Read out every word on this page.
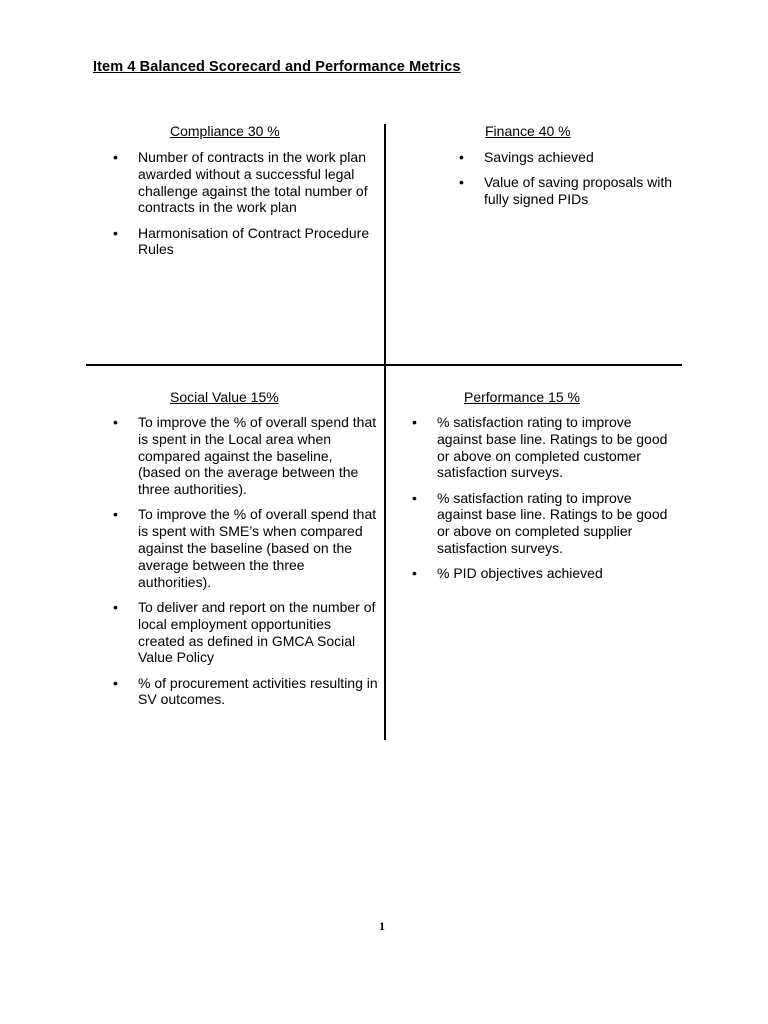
Item 4 Balanced Scorecard and Performance Metrics
Compliance 30 %
• Number of contracts in the work plan awarded without a successful legal challenge against the total number of contracts in the work plan
• Harmonisation of Contract Procedure Rules
Finance 40 %
• Savings achieved
• Value of saving proposals with fully signed PIDs
Social Value 15%
• To improve the % of overall spend that is spent in the Local area when compared against the baseline, (based on the average between the three authorities).
• To improve the % of overall spend that is spent with SME’s when compared against the baseline (based on the average between the three authorities).
• To deliver and report on the number of local employment opportunities created as defined in GMCA Social Value Policy
• % of procurement activities resulting in SV outcomes.
Performance 15 %
• % satisfaction rating to improve against base line. Ratings to be good or above on completed customer satisfaction surveys.
• % satisfaction rating to improve against base line. Ratings to be good or above on completed supplier satisfaction surveys.
• % PID objectives achieved
1
